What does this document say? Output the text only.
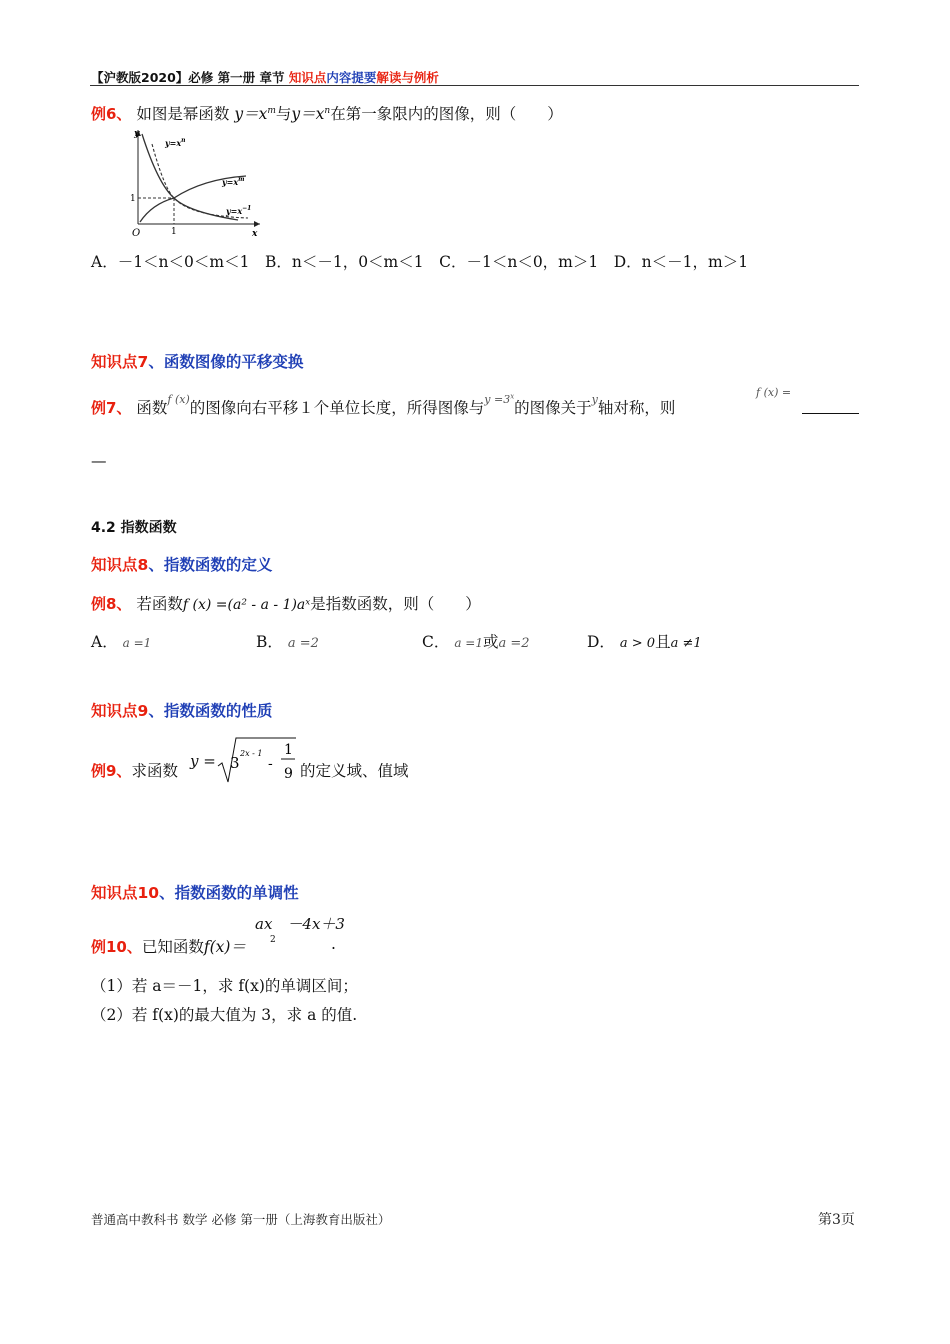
【沪教版2020】必修 第一册 章节 知识点内容提要解读与例析
例6、 如图是幂函数 $y=x^m$与$y=x^n$在第一象限内的图像，则（　　）
y
x
O
1
1
$y=x^n$
$y=x^m$
$y=x^{-1}$
A．－1＜n＜0＜m＜1　B．n＜－1，0＜m＜1　C．－1＜n＜0，m＞1　D．n＜－1，m＞1
知识点7、函数图像的平移变换
例7、 函数$^{f (x)}$的图像向右平移１个单位长度，所得图像与$^{y =3^x}$的图像关于$^y$轴对称，则
f (x) =
—
4.2 指数函数
知识点8、指数函数的定义
例8、 若函数f (x) =(a² - a - 1)aˣ是指数函数，则（　　）
A． a =1	B． a =2	C． a =1或a =2	D． a > 0且a ≠1
知识点9、指数函数的性质
例9、求函数
y = 3
2x - 1
-
1
9 的定义域、值域
知识点10、指数函数的单调性
ax　－4x＋3
例10、已知函数f(x)＝	2	.
（1）若 a＝－1，求 f(x)的单调区间；
（2）若 f(x)的最大值为 3，求 a 的值.
普通高中教科书 数学 必修 第一册（上海教育出版社）	第3页
